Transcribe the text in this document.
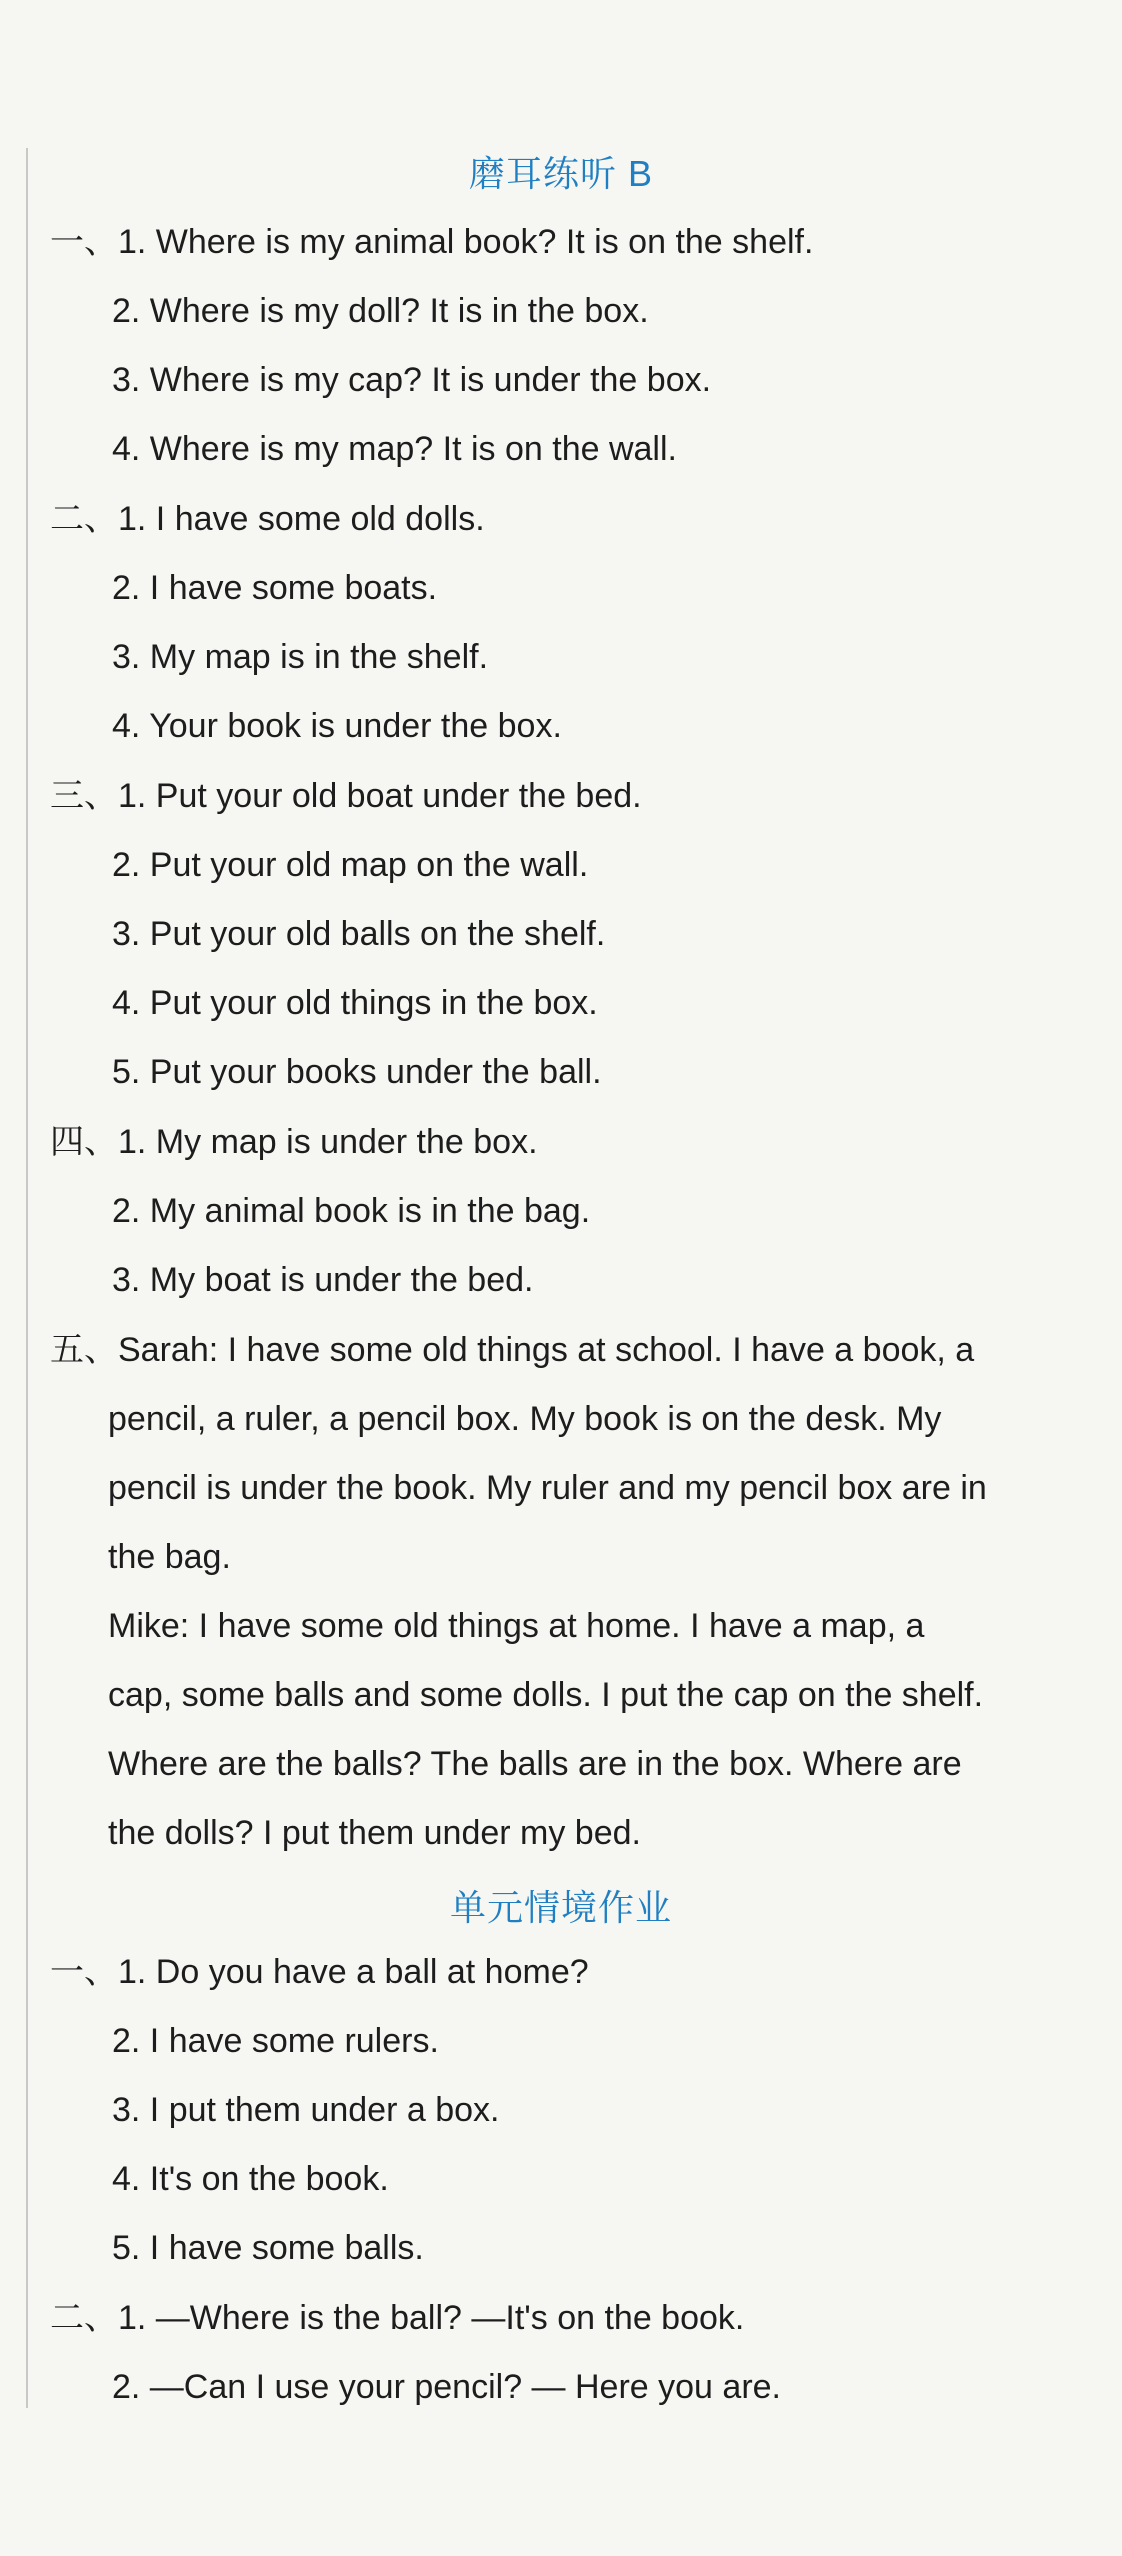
磨耳练听 B
一、1. Where is my animal book? It is on the shelf.
2. Where is my doll? It is in the box.
3. Where is my cap? It is under the box.
4. Where is my map? It is on the wall.
二、1. I have some old dolls.
2. I have some boats.
3. My map is in the shelf.
4. Your book is under the box.
三、1. Put your old boat under the bed.
2. Put your old map on the wall.
3. Put your old balls on the shelf.
4. Put your old things in the box.
5. Put your books under the ball.
四、1. My map is under the box.
2. My animal book is in the bag.
3. My boat is under the bed.
五、Sarah: I have some old things at school. I have a book, a
pencil, a ruler, a pencil box. My book is on the desk. My
pencil is under the book. My ruler and my pencil box are in
the bag.
Mike: I have some old things at home. I have a map, a
cap, some balls and some dolls. I put the cap on the shelf.
Where are the balls? The balls are in the box. Where are
the dolls? I put them under my bed.
单元情境作业
一、1. Do you have a ball at home?
2. I have some rulers.
3. I put them under a box.
4. It's on the book.
5. I have some balls.
二、1. —Where is the ball? —It's on the book.
2. —Can I use your pencil? — Here you are.
